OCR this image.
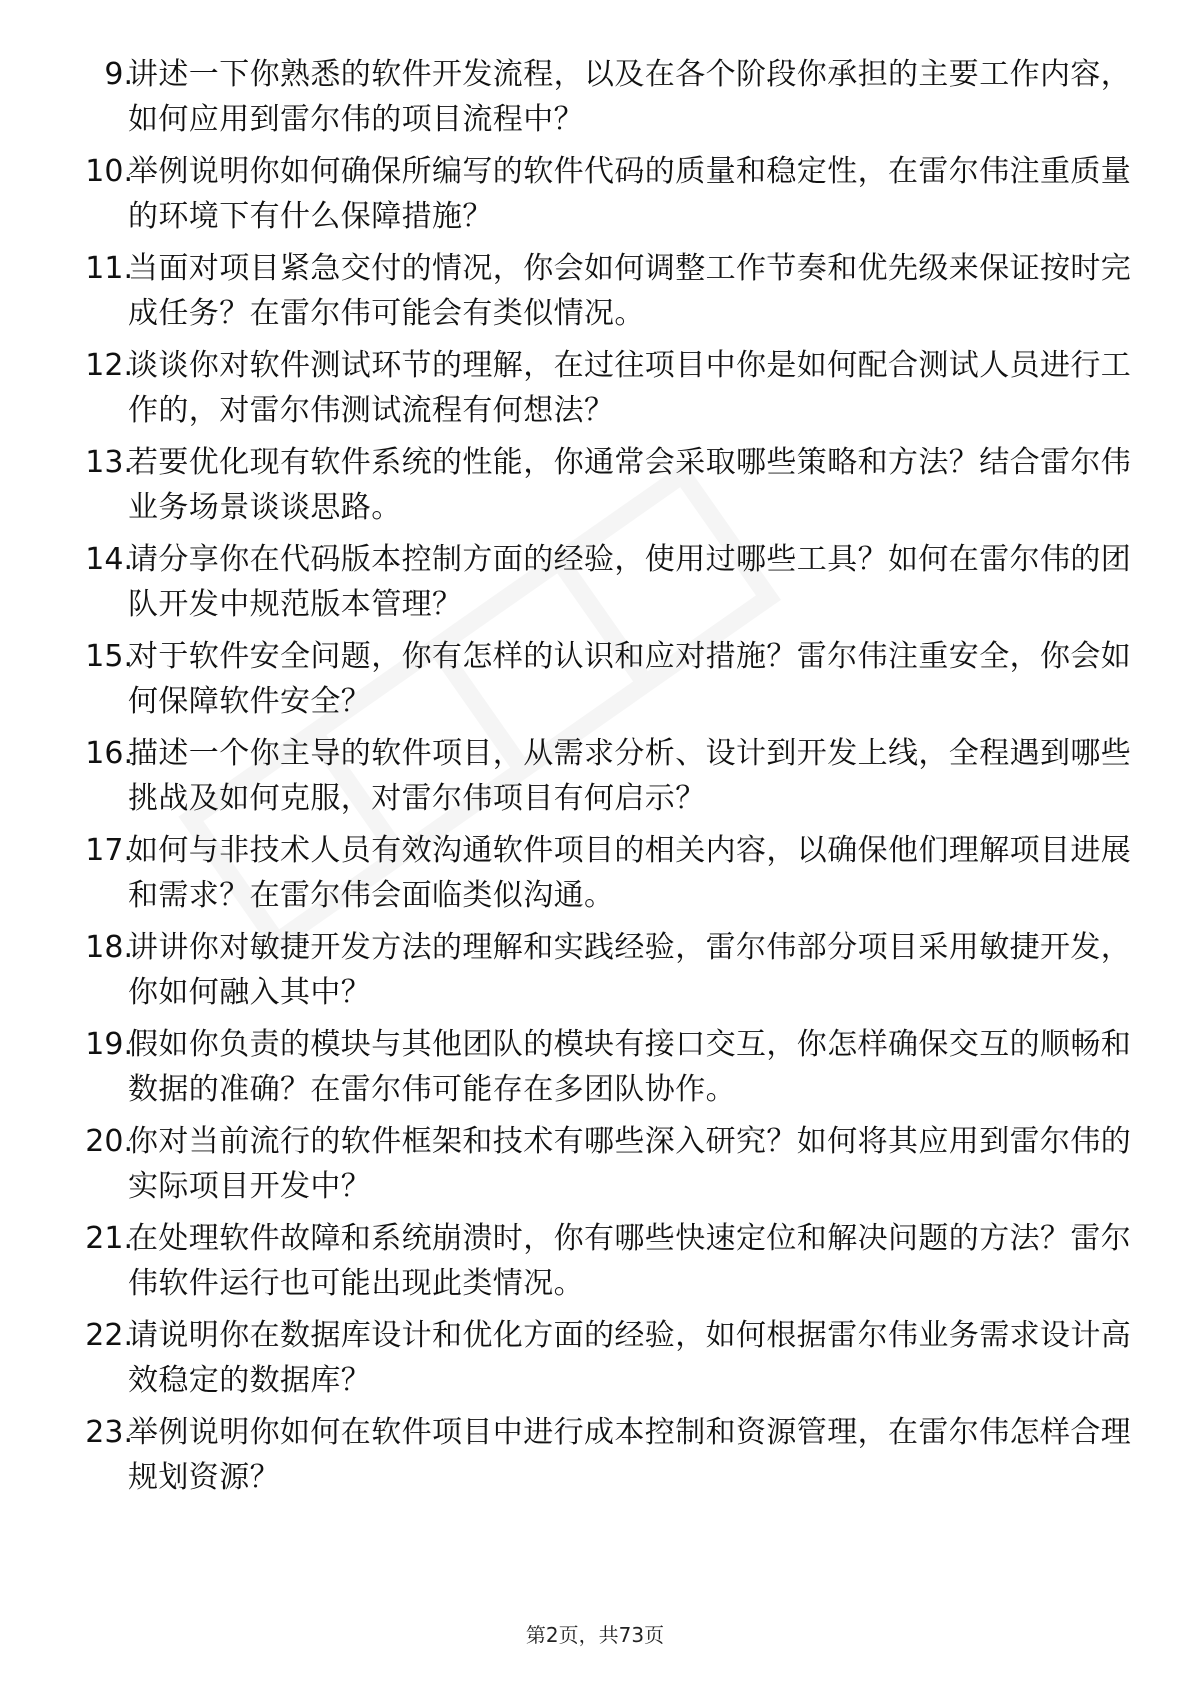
9.
讲述一下你熟悉的软件开发流程，以及在各个阶段你承担的主要工作内容，如何应用到雷尔伟的项目流程中？
10.
举例说明你如何确保所编写的软件代码的质量和稳定性，在雷尔伟注重质量的环境下有什么保障措施？
11.
当面对项目紧急交付的情况，你会如何调整工作节奏和优先级来保证按时完成任务？在雷尔伟可能会有类似情况。
12.
谈谈你对软件测试环节的理解，在过往项目中你是如何配合测试人员进行工作的，对雷尔伟测试流程有何想法？
13.
若要优化现有软件系统的性能，你通常会采取哪些策略和方法？结合雷尔伟业务场景谈谈思路。
14.
请分享你在代码版本控制方面的经验，使用过哪些工具？如何在雷尔伟的团队开发中规范版本管理？
15.
对于软件安全问题，你有怎样的认识和应对措施？雷尔伟注重安全，你会如何保障软件安全？
16.
描述一个你主导的软件项目，从需求分析、设计到开发上线，全程遇到哪些挑战及如何克服，对雷尔伟项目有何启示？
17.
如何与非技术人员有效沟通软件项目的相关内容，以确保他们理解项目进展和需求？在雷尔伟会面临类似沟通。
18.
讲讲你对敏捷开发方法的理解和实践经验，雷尔伟部分项目采用敏捷开发，你如何融入其中？
19.
假如你负责的模块与其他团队的模块有接口交互，你怎样确保交互的顺畅和数据的准确？在雷尔伟可能存在多团队协作。
20.
你对当前流行的软件框架和技术有哪些深入研究？如何将其应用到雷尔伟的实际项目开发中？
21.
在处理软件故障和系统崩溃时，你有哪些快速定位和解决问题的方法？雷尔伟软件运行也可能出现此类情况。
22.
请说明你在数据库设计和优化方面的经验，如何根据雷尔伟业务需求设计高效稳定的数据库？
23.
举例说明你如何在软件项目中进行成本控制和资源管理，在雷尔伟怎样合理规划资源？
第2页，共73页
